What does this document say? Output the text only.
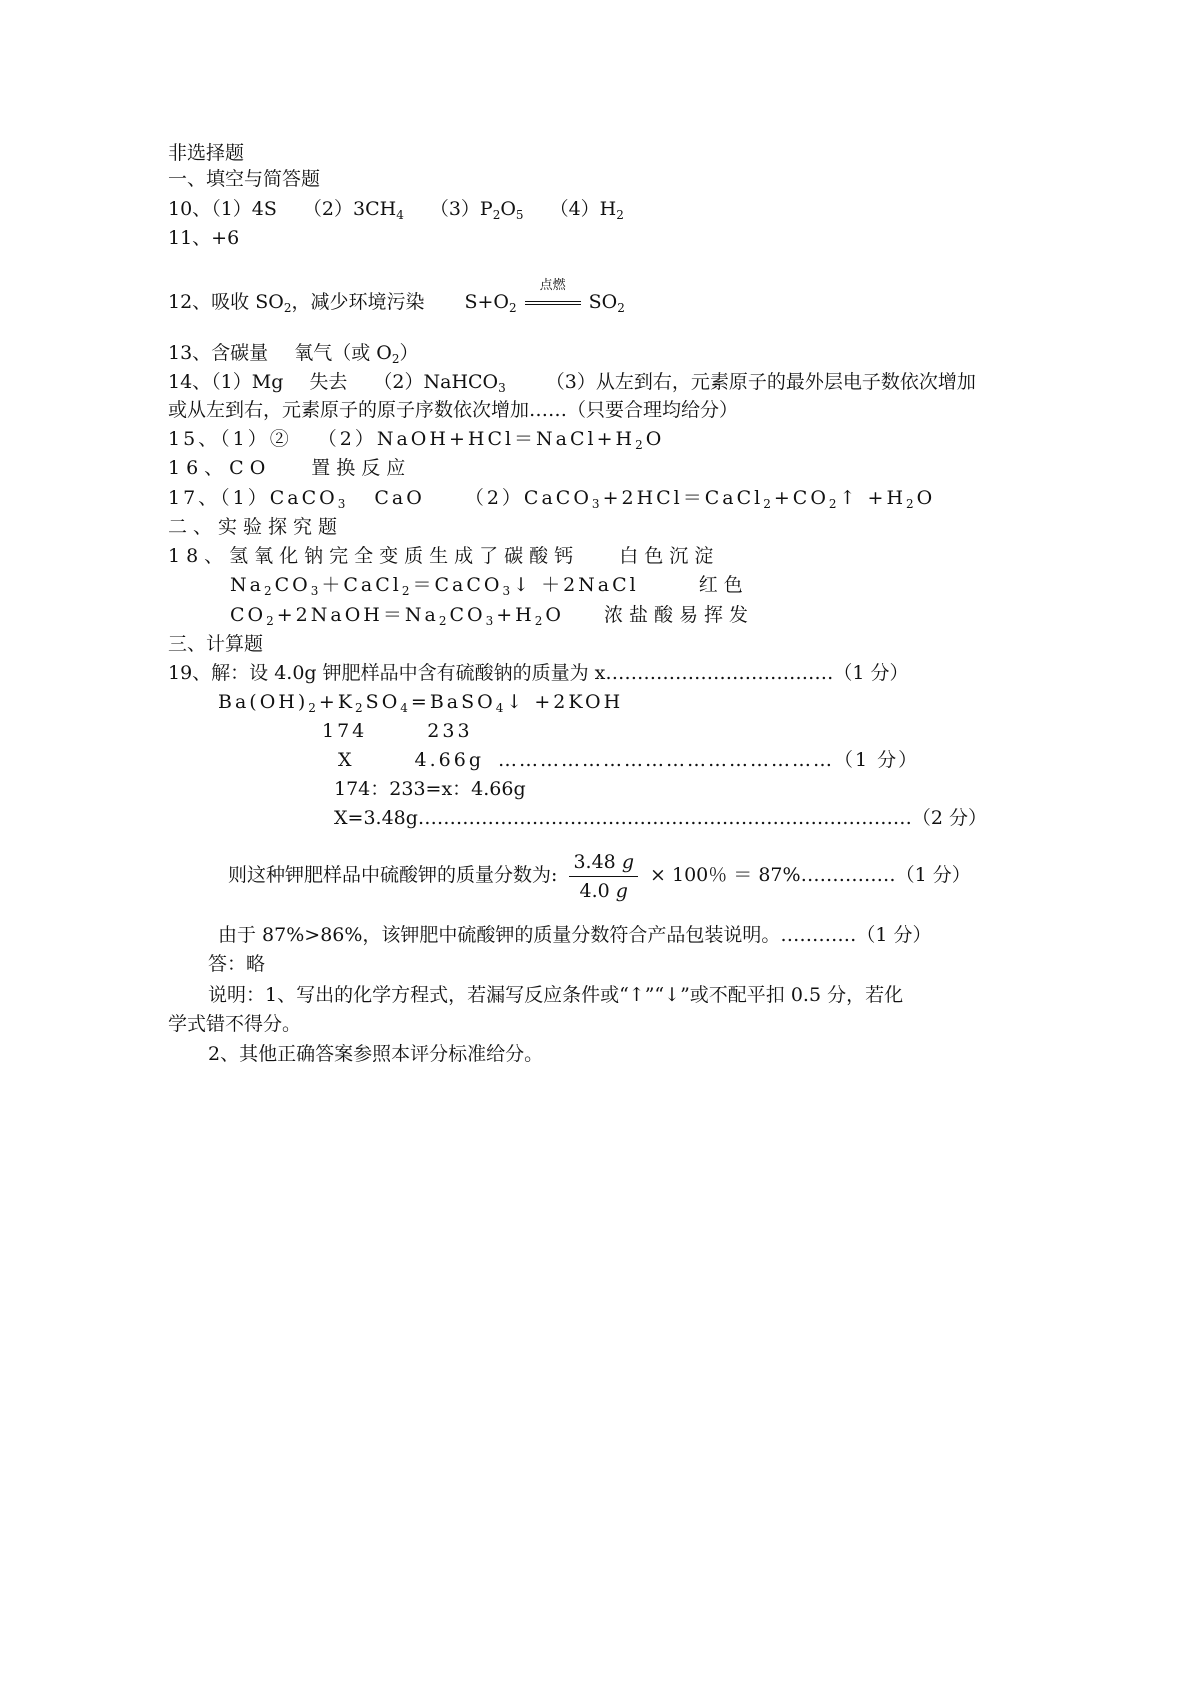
非选择题
一、填空与简答题
10、（1）4S $(2)3CH_4$ $(3)P_2O_5$ $(4)H_2$
11、+6
12、吸收 $SO_2$，减少环境污染 $S+O_2$
点燃
$SO_2$
13、含碳量 氧气（或 $O_2$）
14、（1）Mg 失去 （2）NaHCO$_3$ （3）从左到右，元素原子的最外层电子数依次增加
或从左到右，元素原子的原子序数依次增加……（只要合理均给分）
15、（1）② $(2)NaOH+HCl=NaCl+H_2O$
16、CO 置换反应
17、（1）CaCO$_3$ CaO $(2)CaCO_3+2HCl=CaCl_2+CO_2↑ +H_2O$
二、实验探究题
18、氢氧化钠完全变质生成了碳酸钙 白色沉淀
$Na_2CO_3+CaCl_2=CaCO_3↓$ ＋2NaCl	红色
$CO_2+2NaOH=Na_2CO_3+H_2O$ 浓盐酸易挥发
三、计算题
19、解：设 4.0g 钾肥样品中含有硫酸钠的质量为 x………………………………（1 分）
$Ba(OH)_2+K_2SO_4=BaSO_4↓ +2KOH$
174	233
X	4.66g …………………………………………（1 分）
174：233=x：4.66g
X=3.48g……………………………………………………………………（2 分）
则这种钾肥样品中硫酸钾的质量分数为: $\frac{3.48 g}{4.0 g} \times 100$％ ＝ 87%……………（1 分）
由于 87%>86%，该钾肥中硫酸钾的质量分数符合产品包装说明。…………（1 分）
答：略
说明：1、写出的化学方程式，若漏写反应条件或“↑”“↓”或不配平扣 0.5 分，若化
学式错不得分。
2、其他正确答案参照本评分标准给分。
